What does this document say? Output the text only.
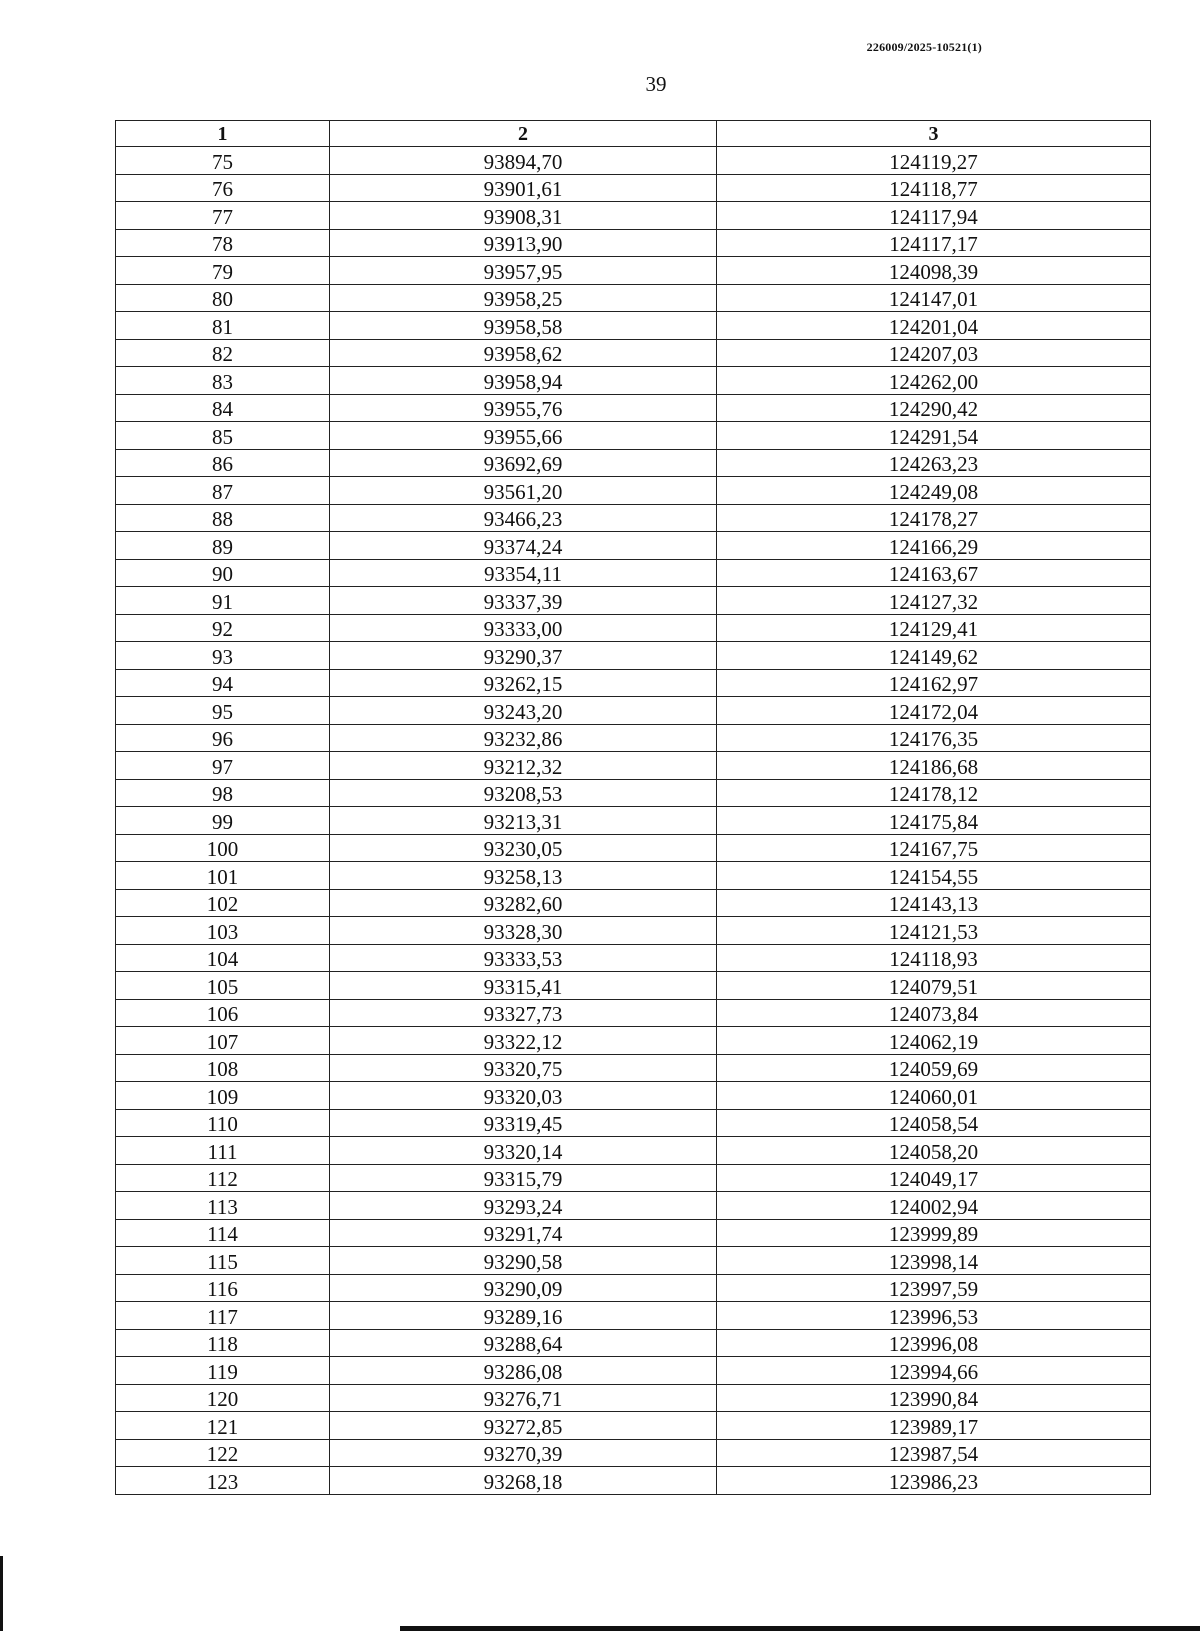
226009/2025-10521(1)
39
1	2	3
75	93894,70	124119,27
76	93901,61	124118,77
77	93908,31	124117,94
78	93913,90	124117,17
79	93957,95	124098,39
80	93958,25	124147,01
81	93958,58	124201,04
82	93958,62	124207,03
83	93958,94	124262,00
84	93955,76	124290,42
85	93955,66	124291,54
86	93692,69	124263,23
87	93561,20	124249,08
88	93466,23	124178,27
89	93374,24	124166,29
90	93354,11	124163,67
91	93337,39	124127,32
92	93333,00	124129,41
93	93290,37	124149,62
94	93262,15	124162,97
95	93243,20	124172,04
96	93232,86	124176,35
97	93212,32	124186,68
98	93208,53	124178,12
99	93213,31	124175,84
100	93230,05	124167,75
101	93258,13	124154,55
102	93282,60	124143,13
103	93328,30	124121,53
104	93333,53	124118,93
105	93315,41	124079,51
106	93327,73	124073,84
107	93322,12	124062,19
108	93320,75	124059,69
109	93320,03	124060,01
110	93319,45	124058,54
111	93320,14	124058,20
112	93315,79	124049,17
113	93293,24	124002,94
114	93291,74	123999,89
115	93290,58	123998,14
116	93290,09	123997,59
117	93289,16	123996,53
118	93288,64	123996,08
119	93286,08	123994,66
120	93276,71	123990,84
121	93272,85	123989,17
122	93270,39	123987,54
123	93268,18	123986,23
